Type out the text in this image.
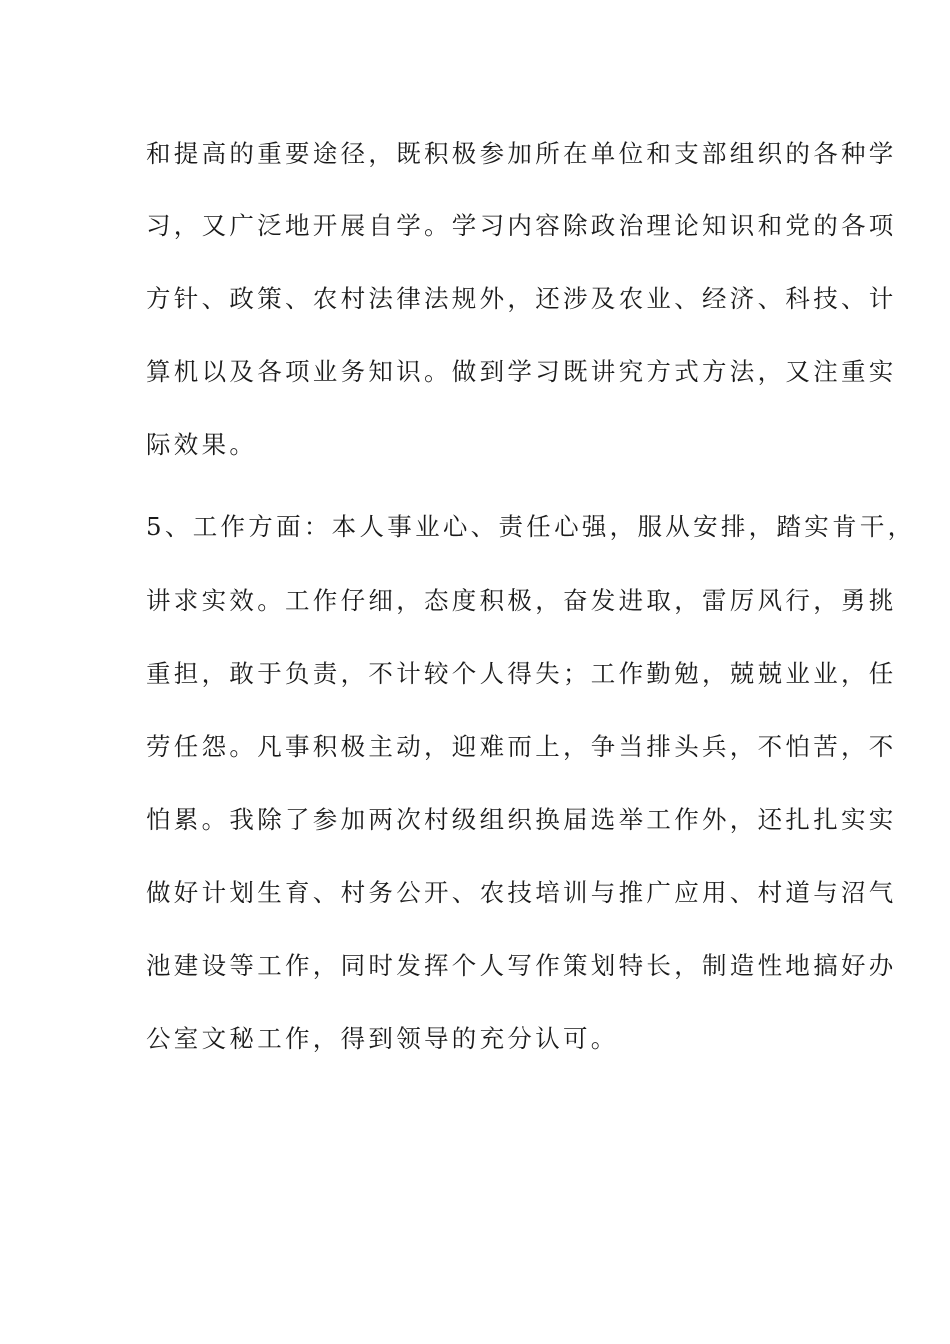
和提高的重要途径，既积极参加所在单位和支部组织的各种学
习，又广泛地开展自学。学习内容除政治理论知识和党的各项
方针、政策、农村法律法规外，还涉及农业、经济、科技、计
算机以及各项业务知识。做到学习既讲究方式方法，又注重实
际效果。
5、工作方面：本人事业心、责任心强，服从安排，踏实肯干，
讲求实效。工作仔细，态度积极，奋发进取，雷厉风行，勇挑
重担，敢于负责，不计较个人得失；工作勤勉，兢兢业业，任
劳任怨。凡事积极主动，迎难而上，争当排头兵，不怕苦，不
怕累。我除了参加两次村级组织换届选举工作外，还扎扎实实
做好计划生育、村务公开、农技培训与推广应用、村道与沼气
池建设等工作，同时发挥个人写作策划特长，制造性地搞好办
公室文秘工作，得到领导的充分认可。
